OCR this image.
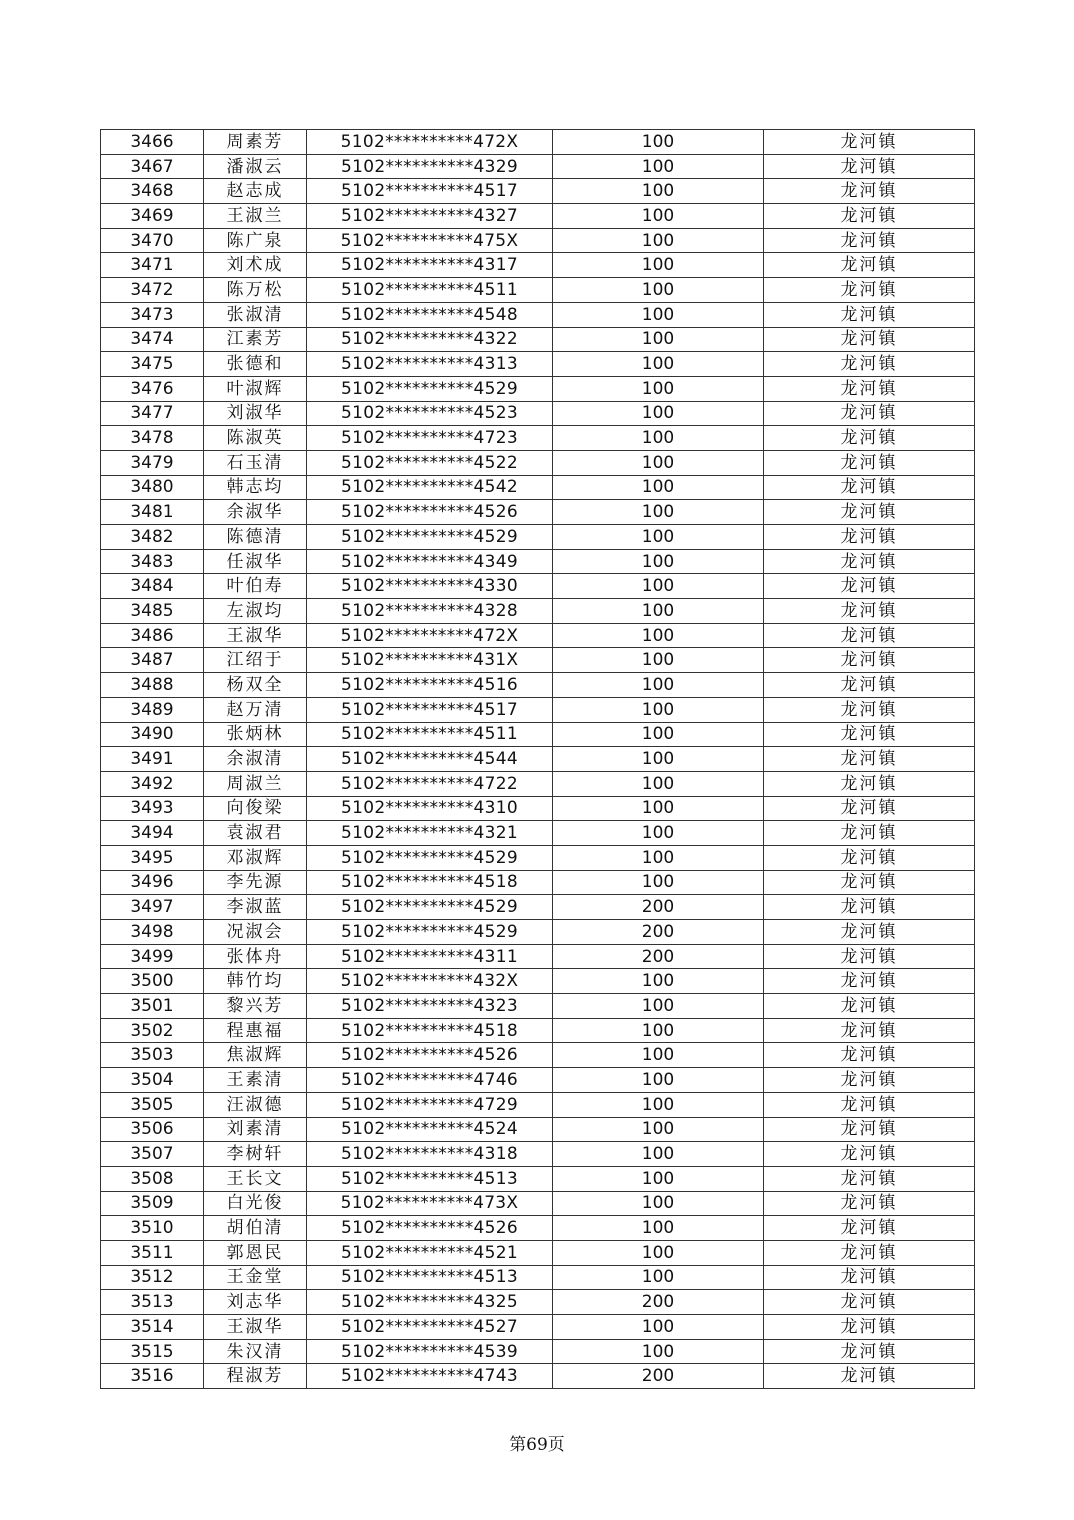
3466	周素芳	5102**********472X	100	龙河镇
3467	潘淑云	5102**********4329	100	龙河镇
3468	赵志成	5102**********4517	100	龙河镇
3469	王淑兰	5102**********4327	100	龙河镇
3470	陈广泉	5102**********475X	100	龙河镇
3471	刘术成	5102**********4317	100	龙河镇
3472	陈万松	5102**********4511	100	龙河镇
3473	张淑清	5102**********4548	100	龙河镇
3474	江素芳	5102**********4322	100	龙河镇
3475	张德和	5102**********4313	100	龙河镇
3476	叶淑辉	5102**********4529	100	龙河镇
3477	刘淑华	5102**********4523	100	龙河镇
3478	陈淑英	5102**********4723	100	龙河镇
3479	石玉清	5102**********4522	100	龙河镇
3480	韩志均	5102**********4542	100	龙河镇
3481	余淑华	5102**********4526	100	龙河镇
3482	陈德清	5102**********4529	100	龙河镇
3483	任淑华	5102**********4349	100	龙河镇
3484	叶伯寿	5102**********4330	100	龙河镇
3485	左淑均	5102**********4328	100	龙河镇
3486	王淑华	5102**********472X	100	龙河镇
3487	江绍于	5102**********431X	100	龙河镇
3488	杨双全	5102**********4516	100	龙河镇
3489	赵万清	5102**********4517	100	龙河镇
3490	张炳林	5102**********4511	100	龙河镇
3491	余淑清	5102**********4544	100	龙河镇
3492	周淑兰	5102**********4722	100	龙河镇
3493	向俊梁	5102**********4310	100	龙河镇
3494	袁淑君	5102**********4321	100	龙河镇
3495	邓淑辉	5102**********4529	100	龙河镇
3496	李先源	5102**********4518	100	龙河镇
3497	李淑蓝	5102**********4529	200	龙河镇
3498	况淑会	5102**********4529	200	龙河镇
3499	张体舟	5102**********4311	200	龙河镇
3500	韩竹均	5102**********432X	100	龙河镇
3501	黎兴芳	5102**********4323	100	龙河镇
3502	程惠福	5102**********4518	100	龙河镇
3503	焦淑辉	5102**********4526	100	龙河镇
3504	王素清	5102**********4746	100	龙河镇
3505	汪淑德	5102**********4729	100	龙河镇
3506	刘素清	5102**********4524	100	龙河镇
3507	李树轩	5102**********4318	100	龙河镇
3508	王长文	5102**********4513	100	龙河镇
3509	白光俊	5102**********473X	100	龙河镇
3510	胡伯清	5102**********4526	100	龙河镇
3511	郭恩民	5102**********4521	100	龙河镇
3512	王金堂	5102**********4513	100	龙河镇
3513	刘志华	5102**********4325	200	龙河镇
3514	王淑华	5102**********4527	100	龙河镇
3515	朱汉清	5102**********4539	100	龙河镇
3516	程淑芳	5102**********4743	200	龙河镇
第69页
